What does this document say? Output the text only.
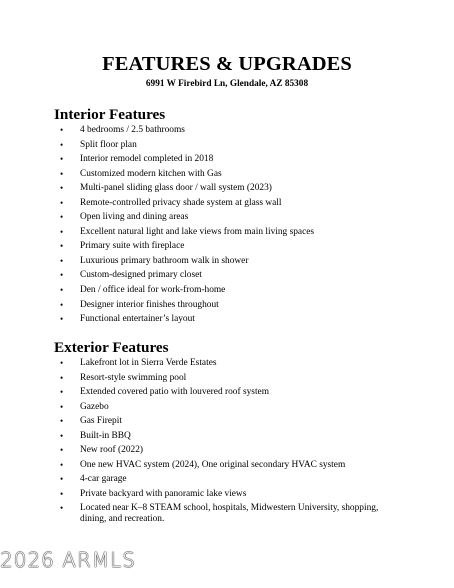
FEATURES & UPGRADES
6991 W Firebird Ln, Glendale, AZ 85308
Interior Features
• 4 bedrooms / 2.5 bathrooms
• Split floor plan
• Interior remodel completed in 2018
• Customized modern kitchen with Gas
• Multi-panel sliding glass door / wall system (2023)
• Remote-controlled privacy shade system at glass wall
• Open living and dining areas
• Excellent natural light and lake views from main living spaces
• Primary suite with fireplace
• Luxurious primary bathroom walk in shower
• Custom-designed primary closet
• Den / office ideal for work-from-home
• Designer interior finishes throughout
• Functional entertainer’s layout
Exterior Features
• Lakefront lot in Sierra Verde Estates
• Resort-style swimming pool
• Extended covered patio with louvered roof system
• Gazebo
• Gas Firepit
• Built-in BBQ
• New roof (2022)
• One new HVAC system (2024), One original secondary HVAC system
• 4-car garage
• Private backyard with panoramic lake views
• Located near K–8 STEAM school, hospitals, Midwestern University, shopping, dining, and recreation.
2026 ARMLS
